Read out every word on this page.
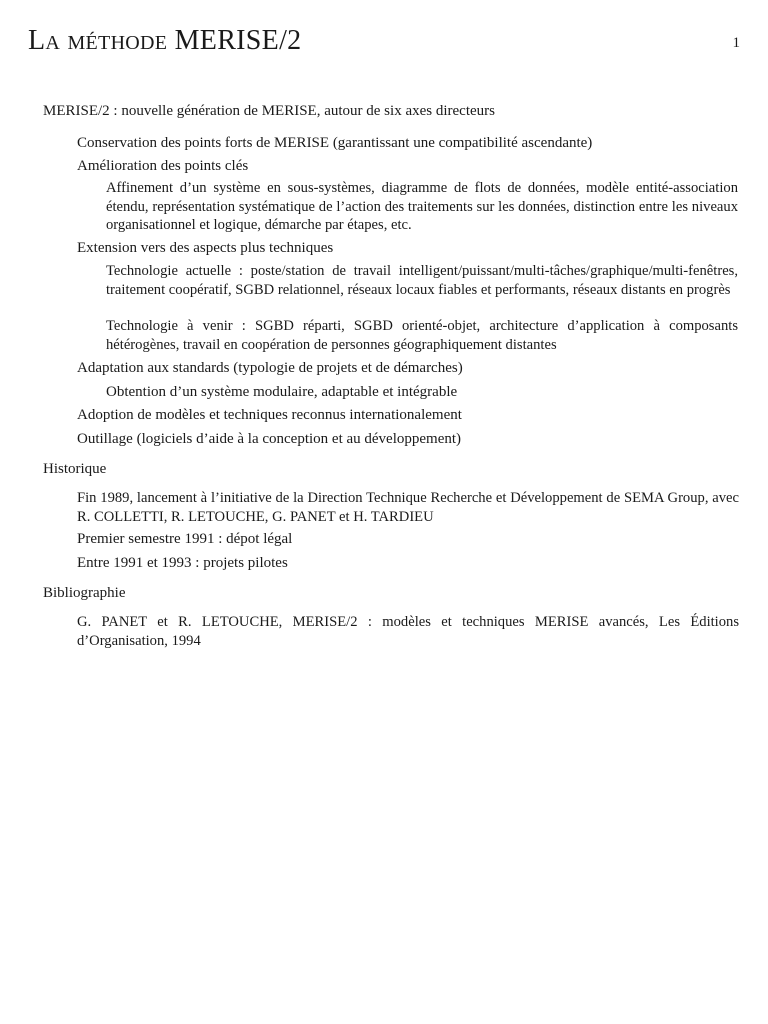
La méthode MERISE/2	1
MERISE/2 : nouvelle génération de MERISE, autour de six axes directeurs
Conservation des points forts de MERISE (garantissant une compatibilité ascendante)
Amélioration des points clés
Affinement d’un système en sous-systèmes, diagramme de flots de données, modèle entité-association étendu, représentation systématique de l’action des traitements sur les données, distinction entre les niveaux organisationnel et logique, démarche par étapes, etc.
Extension vers des aspects plus techniques
Technologie actuelle : poste/station de travail intelligent/puissant/multi-tâches/graphique/multi-fenêtres, traitement coopératif, SGBD relationnel, réseaux locaux fiables et performants, réseaux distants en progrès
Technologie à venir : SGBD réparti, SGBD orienté-objet, architecture d’application à composants hétérogènes, travail en coopération de personnes géographiquement distantes
Adaptation aux standards (typologie de projets et de démarches)
Obtention d’un système modulaire, adaptable et intégrable
Adoption de modèles et techniques reconnus internationalement
Outillage (logiciels d’aide à la conception et au développement)
Historique
Fin 1989, lancement à l’initiative de la Direction Technique Recherche et Développement de SEMA Group, avec R. COLLETTI, R. LETOUCHE, G. PANET et H. TARDIEU
Premier semestre 1991 : dépot légal
Entre 1991 et 1993 : projets pilotes
Bibliographie
G. PANET et R. LETOUCHE, MERISE/2 : modèles et techniques MERISE avancés, Les Éditions d’Organisation, 1994
